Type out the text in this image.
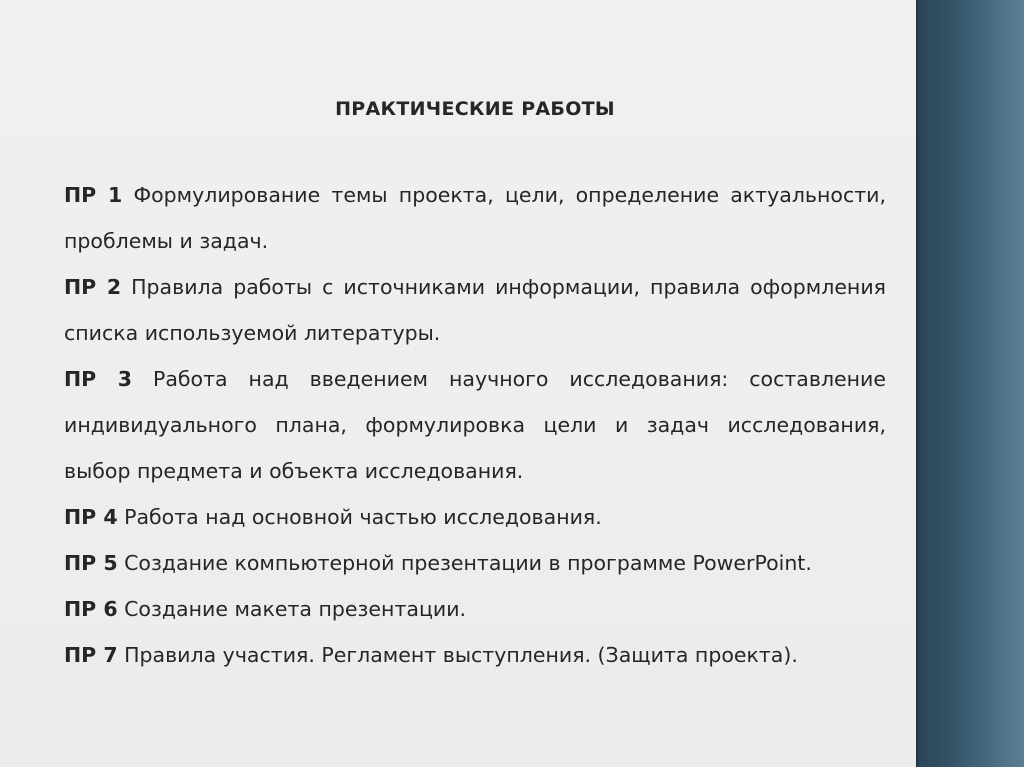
ПРАКТИЧЕСКИЕ РАБОТЫ

ПР 1 Формулирование темы проекта, цели, определение актуальности, проблемы и задач.

ПР 2 Правила работы с источниками информации, правила оформления списка используемой литературы.

ПР 3 Работа над введением научного исследования: составление индивидуального плана, формулировка цели и задач исследования, выбор предмета и объекта исследования.

ПР 4 Работа над основной частью исследования.

ПР 5 Создание компьютерной презентации в программе PowerPoint.

ПР 6 Создание макета презентации.

ПР 7 Правила участия. Регламент выступления. (Защита проекта).
